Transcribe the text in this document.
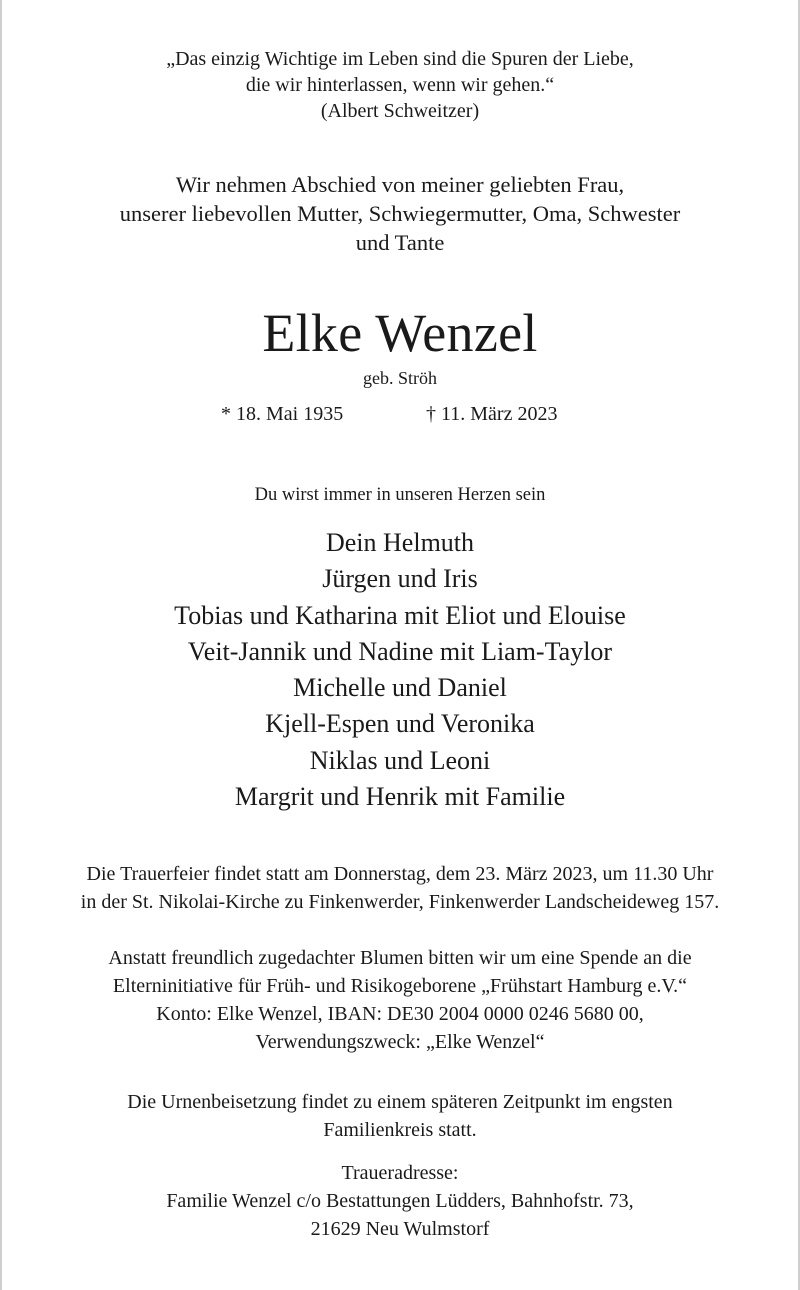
„Das einzig Wichtige im Leben sind die Spuren der Liebe,
die wir hinterlassen, wenn wir gehen.“
(Albert Schweitzer)
Wir nehmen Abschied von meiner geliebten Frau,
unserer liebevollen Mutter, Schwiegermutter, Oma, Schwester
und Tante
Elke Wenzel
geb. Ströh
* 18. Mai 1935	† 11. März 2023
Du wirst immer in unseren Herzen sein
Dein Helmuth
Jürgen und Iris
Tobias und Katharina mit Eliot und Elouise
Veit-Jannik und Nadine mit Liam-Taylor
Michelle und Daniel
Kjell-Espen und Veronika
Niklas und Leoni
Margrit und Henrik mit Familie
Die Trauerfeier findet statt am Donnerstag, dem 23. März 2023, um 11.30 Uhr
in der St. Nikolai-Kirche zu Finkenwerder, Finkenwerder Landscheideweg 157.
Anstatt freundlich zugedachter Blumen bitten wir um eine Spende an die
Elterninitiative für Früh- und Risikogeborene „Frühstart Hamburg e.V.“
Konto: Elke Wenzel, IBAN: DE30 2004 0000 0246 5680 00,
Verwendungszweck: „Elke Wenzel“
Die Urnenbeisetzung findet zu einem späteren Zeitpunkt im engsten
Familienkreis statt.
Traueradresse:
Familie Wenzel c/o Bestattungen Lüdders, Bahnhofstr. 73,
21629 Neu Wulmstorf
